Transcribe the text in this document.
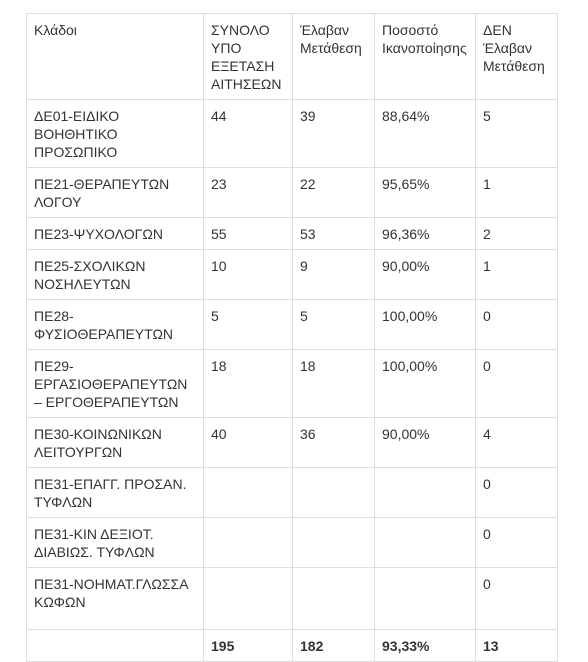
Κλάδοι	ΣΥΝΟΛΟ ΥΠΟ ΕΞΕΤΑΣΗ ΑΙΤΗΣΕΩΝ	Έλαβαν Μετάθεση	Ποσοστό Ικανοποίησης	ΔΕΝ Έλαβαν Μετάθεση
ΔΕ01-ΕΙΔΙΚΟ ΒΟΗΘΗΤΙΚΟ ΠΡΟΣΩΠΙΚΟ	44	39	88,64%	5
ΠΕ21-ΘΕΡΑΠΕΥΤΩΝ ΛΟΓΟΥ	23	22	95,65%	1
ΠΕ23-ΨΥΧΟΛΟΓΩΝ	55	53	96,36%	2
ΠΕ25-ΣΧΟΛΙΚΩΝ ΝΟΣΗΛΕΥΤΩΝ	10	9	90,00%	1
ΠΕ28-ΦΥΣΙΟΘΕΡΑΠΕΥΤΩΝ	5	5	100,00%	0
ΠΕ29-ΕΡΓΑΣΙΟΘΕΡΑΠΕΥΤΩΝ – ΕΡΓΟΘΕΡΑΠΕΥΤΩΝ	18	18	100,00%	0
ΠΕ30-ΚΟΙΝΩΝΙΚΩΝ ΛΕΙΤΟΥΡΓΩΝ	40	36	90,00%	4
ΠΕ31-ΕΠΑΓΓ. ΠΡΟΣΑΝ. ΤΥΦΛΩΝ				0
ΠΕ31-ΚΙΝ ΔΕΞΙΟΤ. ΔΙΑΒΙΩΣ. ΤΥΦΛΩΝ				0
ΠΕ31-ΝΟΗΜΑΤ.ΓΛΩΣΣΑ ΚΩΦΩΝ				0
	195	182	93,33%	13
